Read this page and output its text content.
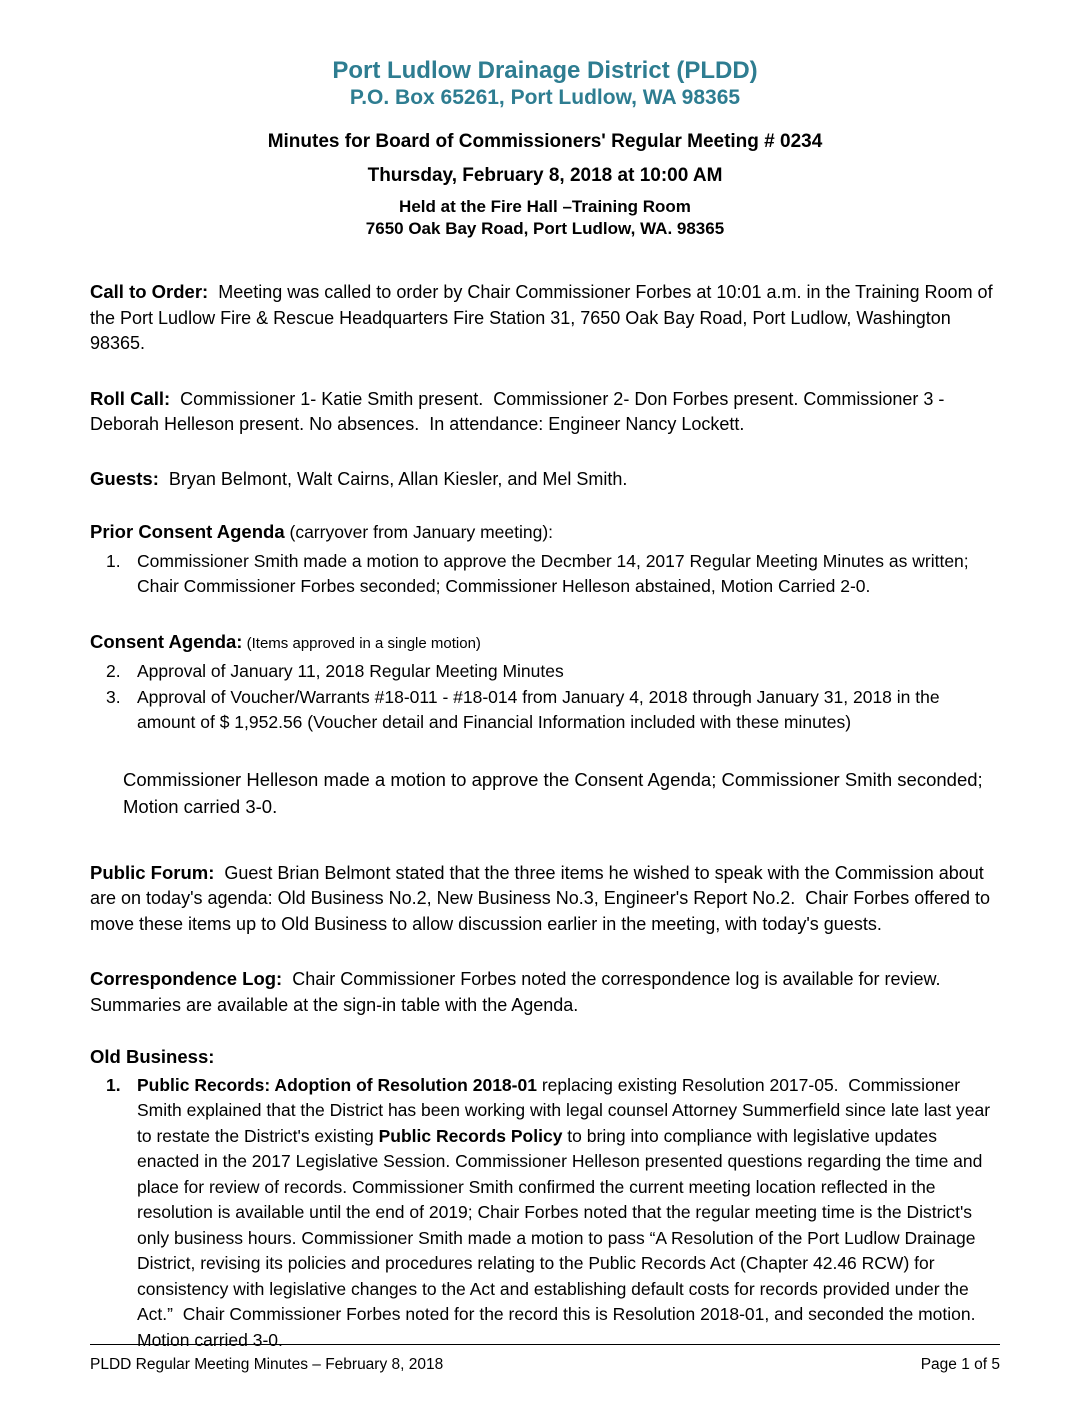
Port Ludlow Drainage District (PLDD)
P.O. Box 65261, Port Ludlow, WA 98365
Minutes for Board of Commissioners' Regular Meeting # 0234
Thursday, February 8, 2018 at 10:00 AM
Held at the Fire Hall –Training Room
7650 Oak Bay Road, Port Ludlow, WA. 98365

Call to Order:  Meeting was called to order by Chair Commissioner Forbes at 10:01 a.m. in the Training Room of the Port Ludlow Fire & Rescue Headquarters Fire Station 31, 7650 Oak Bay Road, Port Ludlow, Washington 98365.

Roll Call:  Commissioner 1- Katie Smith present.  Commissioner 2- Don Forbes present. Commissioner 3 -Deborah Helleson present. No absences.  In attendance: Engineer Nancy Lockett.

Guests:  Bryan Belmont, Walt Cairns, Allan Kiesler, and Mel Smith.

Prior Consent Agenda (carryover from January meeting):
1. Commissioner Smith made a motion to approve the Decmber 14, 2017 Regular Meeting Minutes as written; Chair Commissioner Forbes seconded; Commissioner Helleson abstained, Motion Carried 2-0.
Consent Agenda: (Items approved in a single motion)
2. Approval of January 11, 2018 Regular Meeting Minutes
3. Approval of Voucher/Warrants #18-011 - #18-014 from January 4, 2018 through January 31, 2018 in the amount of $ 1,952.56 (Voucher detail and Financial Information included with these minutes)

Commissioner Helleson made a motion to approve the Consent Agenda; Commissioner Smith seconded; Motion carried 3-0.

Public Forum:  Guest Brian Belmont stated that the three items he wished to speak with the Commission about are on today's agenda: Old Business No.2, New Business No.3, Engineer's Report No.2.  Chair Forbes offered to move these items up to Old Business to allow discussion earlier in the meeting, with today's guests.

Correspondence Log:  Chair Commissioner Forbes noted the correspondence log is available for review. Summaries are available at the sign-in table with the Agenda.

Old Business:
1. Public Records: Adoption of Resolution 2018-01 replacing existing Resolution 2017-05.  Commissioner Smith explained that the District has been working with legal counsel Attorney Summerfield since late last year to restate the District's existing Public Records Policy to bring into compliance with legislative updates enacted in the 2017 Legislative Session. Commissioner Helleson presented questions regarding the time and place for review of records. Commissioner Smith confirmed the current meeting location reflected in the resolution is available until the end of 2019; Chair Forbes noted that the regular meeting time is the District's only business hours. Commissioner Smith made a motion to pass “A Resolution of the Port Ludlow Drainage District, revising its policies and procedures relating to the Public Records Act (Chapter 42.46 RCW) for consistency with legislative changes to the Act and establishing default costs for records provided under the Act.”  Chair Commissioner Forbes noted for the record this is Resolution 2018-01, and seconded the motion.  Motion carried 3-0.
PLDD Regular Meeting Minutes – February 8, 2018	Page 1 of 5
